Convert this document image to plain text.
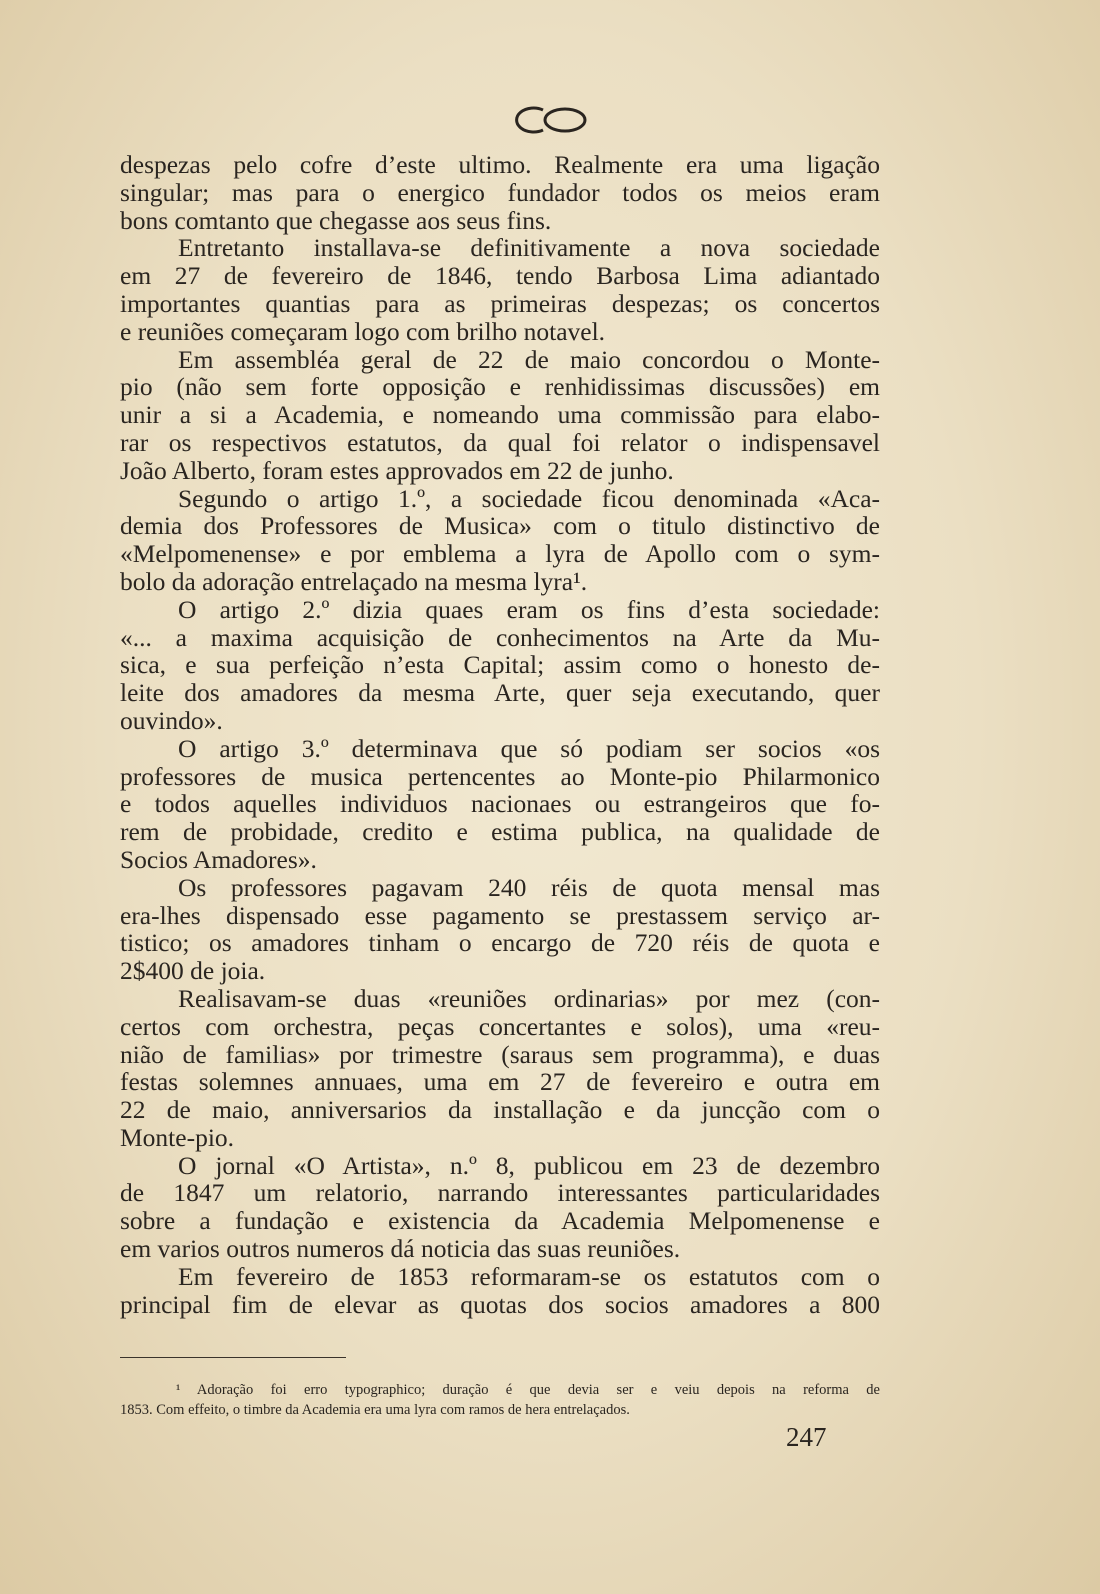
despezas pelo cofre d’este ultimo. Realmente era uma ligação
singular; mas para o energico fundador todos os meios eram
bons comtanto que chegasse aos seus fins.
Entretanto installava-se definitivamente a nova sociedade
em 27 de fevereiro de 1846, tendo Barbosa Lima adiantado
importantes quantias para as primeiras despezas; os concertos
e reuniões começaram logo com brilho notavel.
Em assembléa geral de 22 de maio concordou o Monte-
pio (não sem forte opposição e renhidissimas discussões) em
unir a si a Academia, e nomeando uma commissão para elabo-
rar os respectivos estatutos, da qual foi relator o indispensavel
João Alberto, foram estes approvados em 22 de junho.
Segundo o artigo 1.º, a sociedade ficou denominada «Aca-
demia dos Professores de Musica» com o titulo distinctivo de
«Melpomenense» e por emblema a lyra de Apollo com o sym-
bolo da adoração entrelaçado na mesma lyra¹.
O artigo 2.º dizia quaes eram os fins d’esta sociedade:
«... a maxima acquisição de conhecimentos na Arte da Mu-
sica, e sua perfeição n’esta Capital; assim como o honesto de-
leite dos amadores da mesma Arte, quer seja executando, quer
ouvindo».
O artigo 3.º determinava que só podiam ser socios «os
professores de musica pertencentes ao Monte-pio Philarmonico
e todos aquelles individuos nacionaes ou estrangeiros que fo-
rem de probidade, credito e estima publica, na qualidade de
Socios Amadores».
Os professores pagavam 240 réis de quota mensal mas
era-lhes dispensado esse pagamento se prestassem serviço ar-
tistico; os amadores tinham o encargo de 720 réis de quota e
2$400 de joia.
Realisavam-se duas «reuniões ordinarias» por mez (con-
certos com orchestra, peças concertantes e solos), uma «reu-
nião de familias» por trimestre (saraus sem programma), e duas
festas solemnes annuaes, uma em 27 de fevereiro e outra em
22 de maio, anniversarios da installação e da juncção com o
Monte-pio.
O jornal «O Artista», n.º 8, publicou em 23 de dezembro
de 1847 um relatorio, narrando interessantes particularidades
sobre a fundação e existencia da Academia Melpomenense e
em varios outros numeros dá noticia das suas reuniões.
Em fevereiro de 1853 reformaram-se os estatutos com o
principal fim de elevar as quotas dos socios amadores a 800
¹ Adoração foi erro typographico; duração é que devia ser e veiu depois na reforma de
1853. Com effeito, o timbre da Academia era uma lyra com ramos de hera entrelaçados.
247
